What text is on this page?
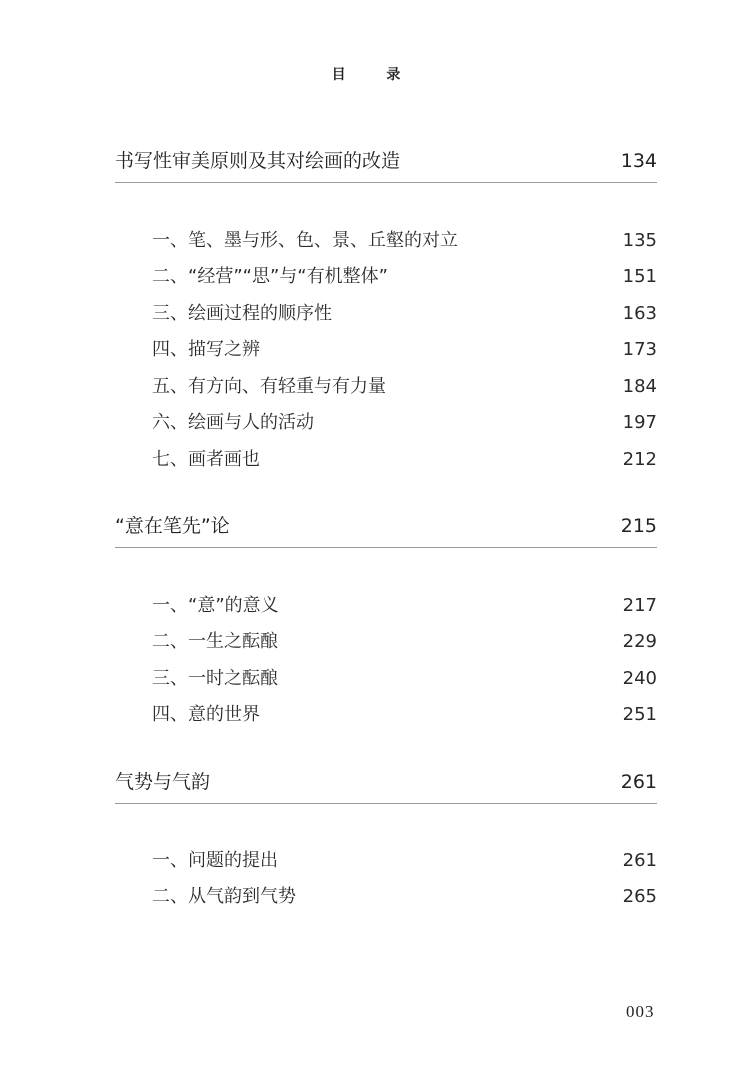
目 录
书写性审美原则及其对绘画的改造	134
一、笔、墨与形、色、景、丘壑的对立	135
二、“经营”“思”与“有机整体”	151
三、绘画过程的顺序性	163
四、描写之辨	173
五、有方向、有轻重与有力量	184
六、绘画与人的活动	197
七、画者画也	212
“意在笔先”论	215
一、“意”的意义	217
二、一生之酝酿	229
三、一时之酝酿	240
四、意的世界	251
气势与气韵	261
一、问题的提出	261
二、从气韵到气势	265
003
